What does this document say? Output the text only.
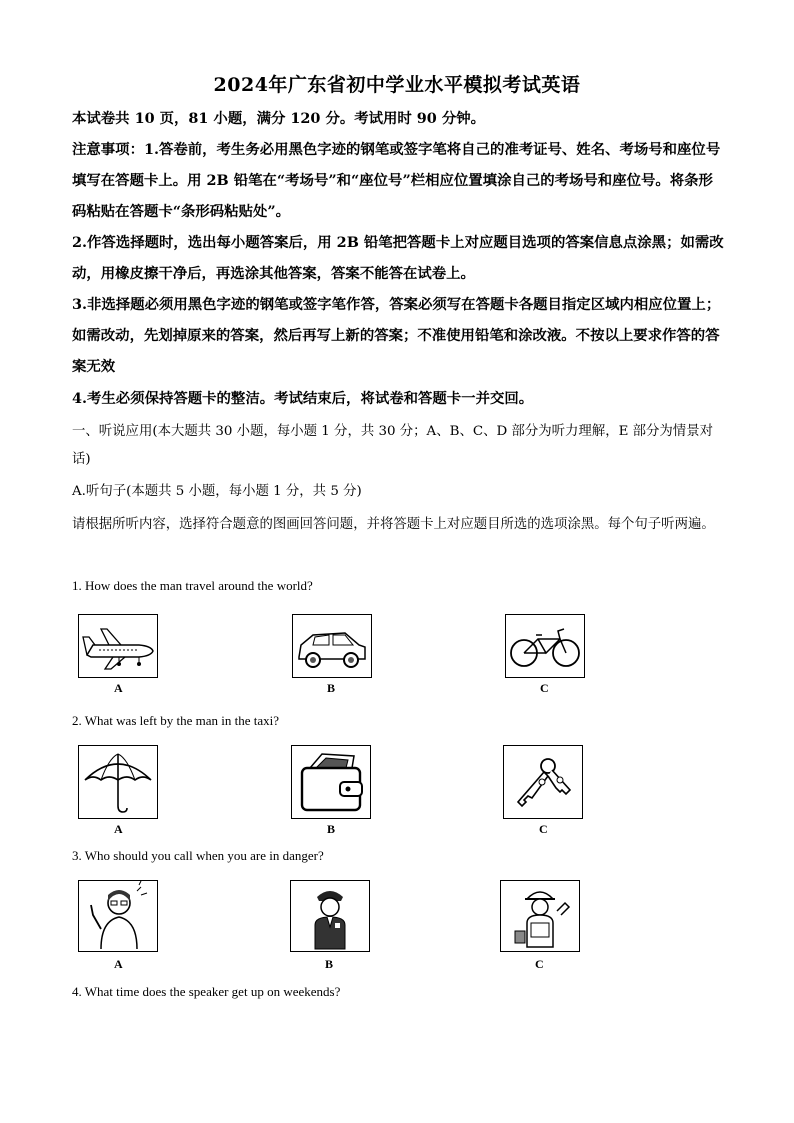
2024年广东省初中学业水平模拟考试英语
本试卷共 10 页，81 小题，满分 120 分。考试用时 90 分钟。
注意事项：1.答卷前，考生务必用黑色字迹的钢笔或签字笔将自己的准考证号、姓名、考场号和座位号填写在答题卡上。用 2B 铅笔在“考场号”和“座位号”栏相应位置填涂自己的考场号和座位号。将条形码粘贴在答题卡“条形码粘贴处”。
2.作答选择题时，选出每小题答案后，用 2B 铅笔把答题卡上对应题目选项的答案信息点涂黑；如需改动，用橡皮擦干净后，再选涂其他答案，答案不能答在试卷上。
3.非选择题必须用黑色字迹的钢笔或签字笔作答，答案必须写在答题卡各题目指定区域内相应位置上；如需改动，先划掉原来的答案，然后再写上新的答案；不准使用铅笔和涂改液。不按以上要求作答的答案无效
4.考生必须保持答题卡的整洁。考试结束后，将试卷和答题卡一并交回。
一、听说应用(本大题共 30 小题，每小题 1 分，共 30 分；A、B、C、D 部分为听力理解，E 部分为情景对话)
A.听句子(本题共 5 小题，每小题 1 分，共 5 分)
请根据所听内容，选择符合题意的图画回答问题，并将答题卡上对应题目所选的选项涂黑。每个句子听两遍。
1. How does the man travel around the world?
A	B	C
2. What was left by the man in the taxi?
A	B	C
3. Who should you call when you are in danger?
A	B	C
4. What time does the speaker get up on weekends?
